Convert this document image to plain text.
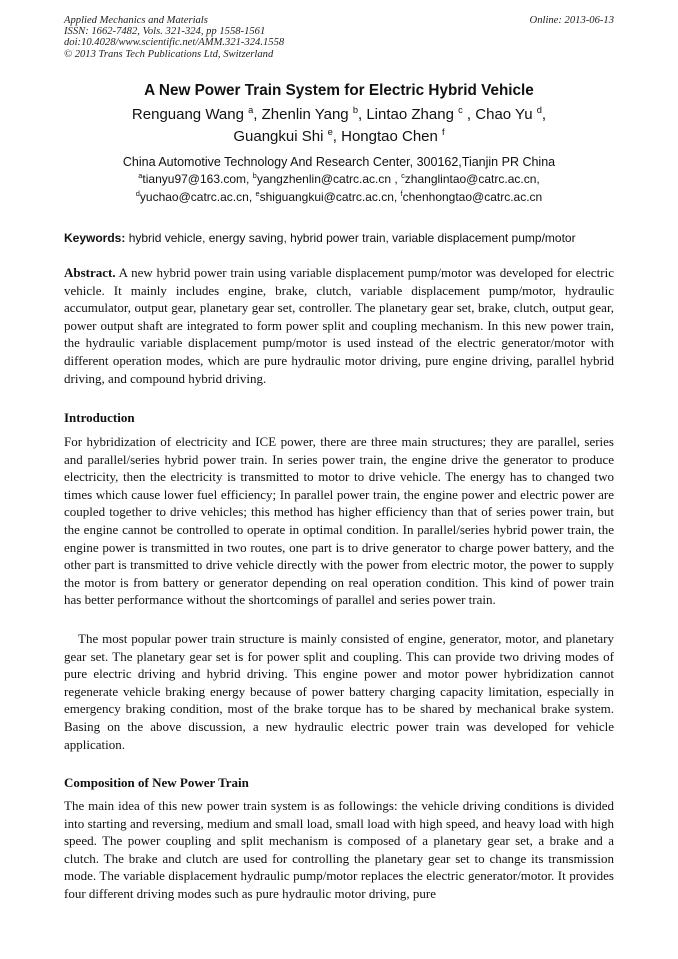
Applied Mechanics and Materials
ISSN: 1662-7482, Vols. 321-324, pp 1558-1561
doi:10.4028/www.scientific.net/AMM.321-324.1558
© 2013 Trans Tech Publications Ltd, Switzerland
Online: 2013-06-13
A New Power Train System for Electric Hybrid Vehicle
Renguang Wang $^a$, Zhenlin Yang $^b$, Lintao Zhang $^c$ , Chao Yu $^d$,
Guangkui Shi $^e$, Hongtao Chen $^f$
China Automotive Technology And Research Center, 300162,Tianjin PR China
$^a$tianyu97@163.com, $^b$yangzhenlin@catrc.ac.cn , $^c$zhanglintao@catrc.ac.cn,
$^d$yuchao@catrc.ac.cn, $^e$shiguangkui@catrc.ac.cn, $^f$chenhongtao@catrc.ac.cn
Keywords: hybrid vehicle, energy saving, hybrid power train, variable displacement pump/motor

Abstract. A new hybrid power train using variable displacement pump/motor was developed for electric vehicle. It mainly includes engine, brake, clutch, variable displacement pump/motor, hydraulic accumulator, output gear, planetary gear set, controller. The planetary gear set, brake, clutch, output gear, power output shaft are integrated to form power split and coupling mechanism. In this new power train, the hydraulic variable displacement pump/motor is used instead of the electric generator/motor with different operation modes, which are pure hydraulic motor driving, pure engine driving, parallel hybrid driving, and compound hybrid driving.

Introduction

For hybridization of electricity and ICE power, there are three main structures; they are parallel, series and parallel/series hybrid power train. In series power train, the engine drive the generator to produce electricity, then the electricity is transmitted to motor to drive vehicle. The energy has to changed two times which cause lower fuel efficiency; In parallel power train, the engine power and electric power are coupled together to drive vehicles; this method has higher efficiency than that of series power train, but the engine cannot be controlled to operate in optimal condition. In parallel/series hybrid power train, the engine power is transmitted in two routes, one part is to drive generator to charge power battery, and the other part is transmitted to drive vehicle directly with the power from electric motor, the power to supply the motor is from battery or generator depending on real operation condition. This kind of power train has better performance without the shortcomings of parallel and series power train.

The most popular power train structure is mainly consisted of engine, generator, motor, and planetary gear set. The planetary gear set is for power split and coupling. This can provide two driving modes of pure electric driving and hybrid driving. This engine power and motor power hybridization cannot regenerate vehicle braking energy because of power battery charging capacity limitation, especially in emergency braking condition, most of the brake torque has to be shared by mechanical brake system. Basing on the above discussion, a new hydraulic electric power train was developed for vehicle application.

Composition of New Power Train

The main idea of this new power train system is as followings: the vehicle driving conditions is divided into starting and reversing, medium and small load, small load with high speed, and heavy load with high speed. The power coupling and split mechanism is composed of a planetary gear set, a brake and a clutch. The brake and clutch are used for controlling the planetary gear set to change its transmission mode. The variable displacement hydraulic pump/motor replaces the electric generator/motor. It provides four different driving modes such as pure hydraulic motor driving, pure
